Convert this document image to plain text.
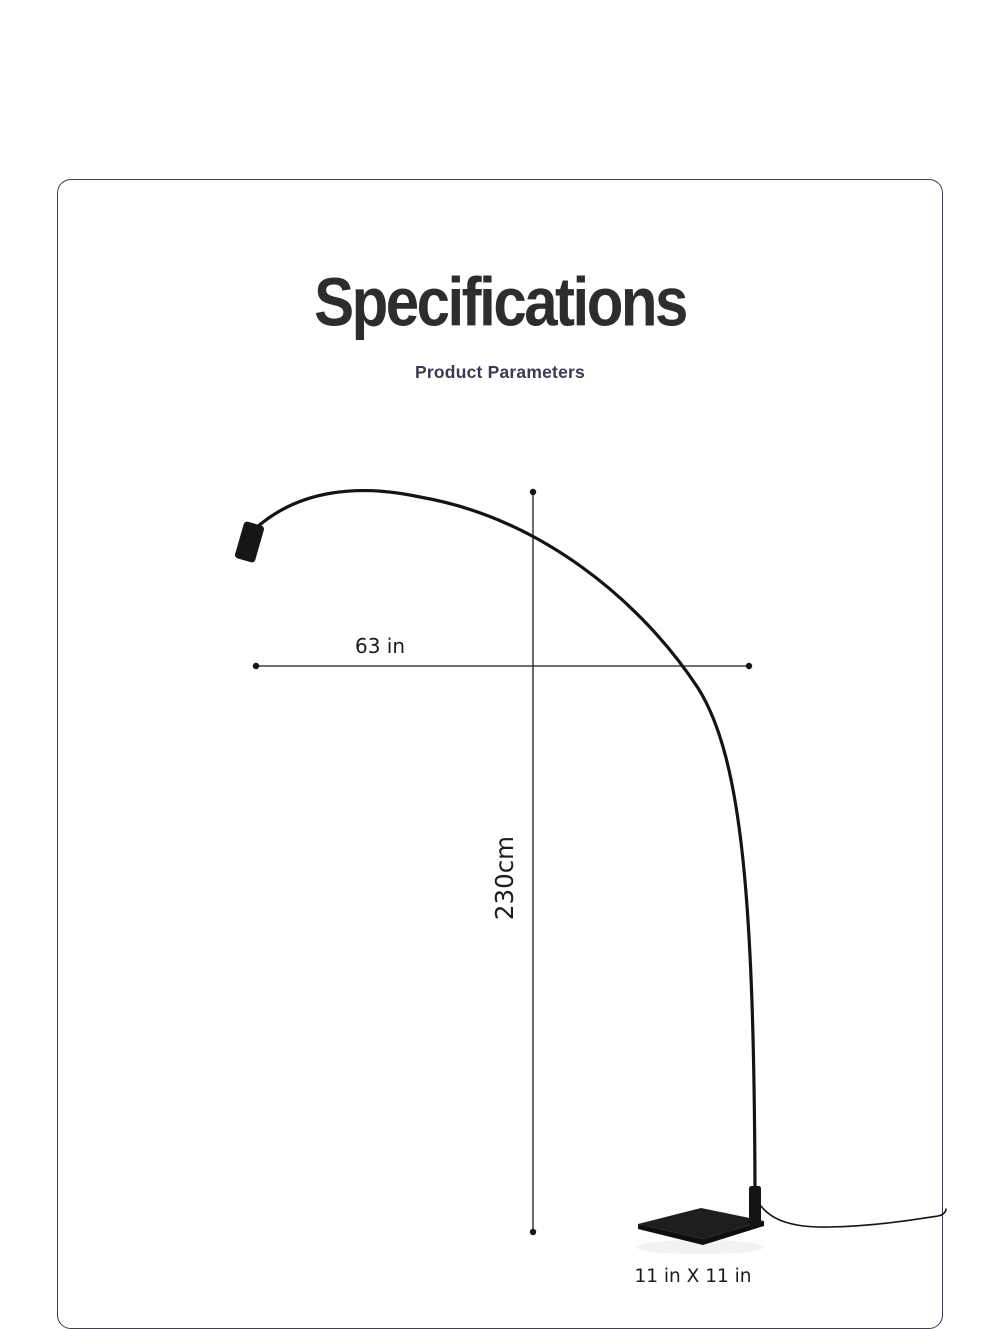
Specifications
Product Parameters
230cm
63 in
11 in X 11 in
